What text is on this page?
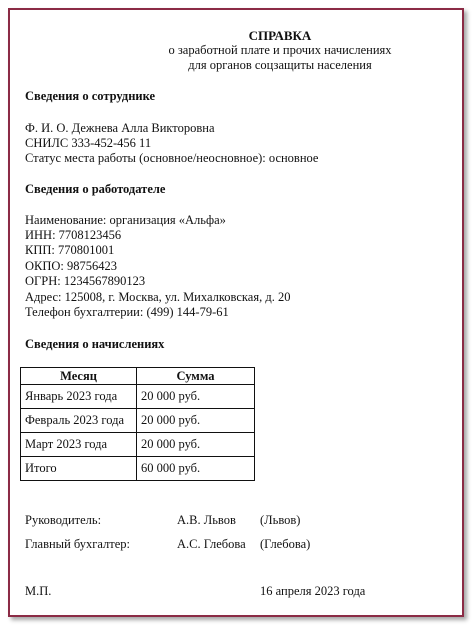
СПРАВКА
о заработной плате и прочих начислениях
для органов соцзащиты населения
Сведения о сотруднике
Ф. И. О. Дежнева Алла Викторовна
СНИЛС 333-452-456 11
Статус места работы (основное/неосновное): основное
Сведения о работодателе
Наименование: организация «Альфа»
ИНН: 7708123456
КПП: 770801001
ОКПО: 98756423
ОГРН: 1234567890123
Адрес: 125008, г. Москва, ул. Михалковская, д. 20
Телефон бухгалтерии: (499) 144-79-61
Сведения о начислениях
Месяц	Сумма
Январь 2023 года	20 000 руб.
Февраль 2023 года	20 000 руб.
Март 2023 года	20 000 руб.
Итого	60 000 руб.
Руководитель:	А.В. Львов (Львов)
Главный бухгалтер:	А.С. Глебова (Глебова)
М.П.	16 апреля 2023 года
